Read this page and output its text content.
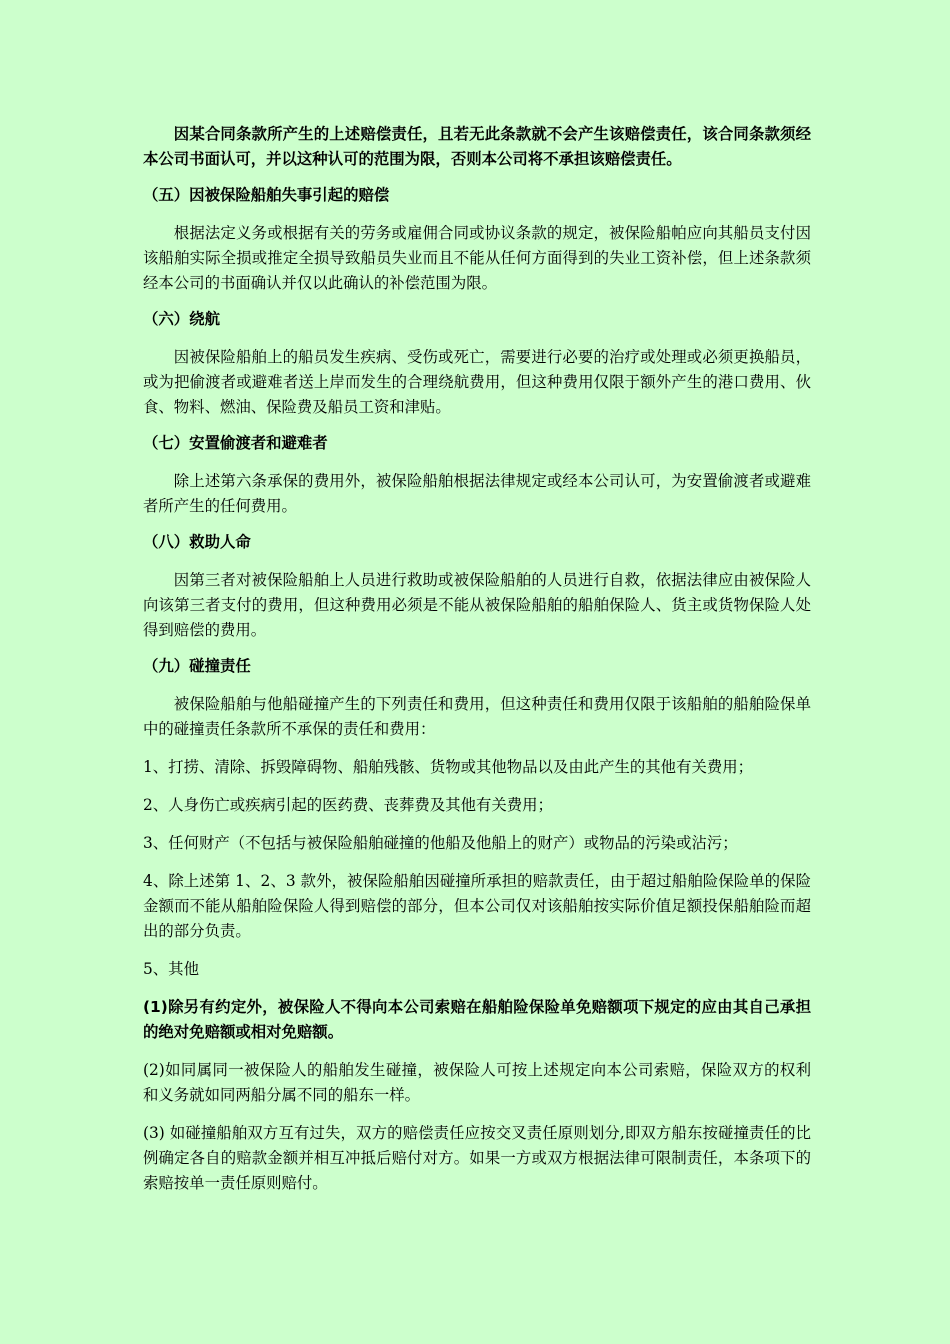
因某合同条款所产生的上述赔偿责任，且若无此条款就不会产生该赔偿责任，该合同条款须经本公司书面认可，并以这种认可的范围为限，否则本公司将不承担该赔偿责任。

（五）因被保险船舶失事引起的赔偿

根据法定义务或根据有关的劳务或雇佣合同或协议条款的规定，被保险船帕应向其船员支付因该船舶实际全损或推定全损导致船员失业而且不能从任何方面得到的失业工资补偿，但上述条款须经本公司的书面确认并仅以此确认的补偿范围为限。

（六）绕航

因被保险船舶上的船员发生疾病、受伤或死亡，需要进行必要的治疗或处理或必须更换船员，或为把偷渡者或避难者送上岸而发生的合理绕航费用，但这种费用仅限于额外产生的港口费用、伙食、物料、燃油、保险费及船员工资和津贴。

（七）安置偷渡者和避难者

除上述第六条承保的费用外，被保险船舶根据法律规定或经本公司认可，为安置偷渡者或避难者所产生的任何费用。

（八）救助人命

因第三者对被保险船舶上人员进行救助或被保险船舶的人员进行自救，依据法律应由被保险人向该第三者支付的费用，但这种费用必须是不能从被保险船舶的船舶保险人、货主或货物保险人处得到赔偿的费用。

（九）碰撞责任

被保险船舶与他船碰撞产生的下列责任和费用，但这种责任和费用仅限于该船舶的船舶险保单中的碰撞责任条款所不承保的责任和费用：

1、打捞、清除、拆毁障碍物、船舶残骸、货物或其他物品以及由此产生的其他有关费用；

2、人身伤亡或疾病引起的医药费、丧葬费及其他有关费用；

3、任何财产（不包括与被保险船舶碰撞的他船及他船上的财产）或物品的污染或沾污；

4、除上述第 1、2、3 款外，被保险船舶因碰撞所承担的赔款责任，由于超过船舶险保险单的保险金额而不能从船舶险保险人得到赔偿的部分，但本公司仅对该船舶按实际价值足额投保船舶险而超出的部分负责。

5、其他

(1)除另有约定外，被保险人不得向本公司索赔在船舶险保险单免赔额项下规定的应由其自己承担的绝对免赔额或相对免赔额。

(2)如同属同一被保险人的船舶发生碰撞，被保险人可按上述规定向本公司索赔，保险双方的权利和义务就如同两船分属不同的船东一样。

(3) 如碰撞船舶双方互有过失，双方的赔偿责任应按交叉责任原则划分,即双方船东按碰撞责任的比例确定各自的赔款金额并相互冲抵后赔付对方。如果一方或双方根据法律可限制责任，本条项下的索赔按单一责任原则赔付。
